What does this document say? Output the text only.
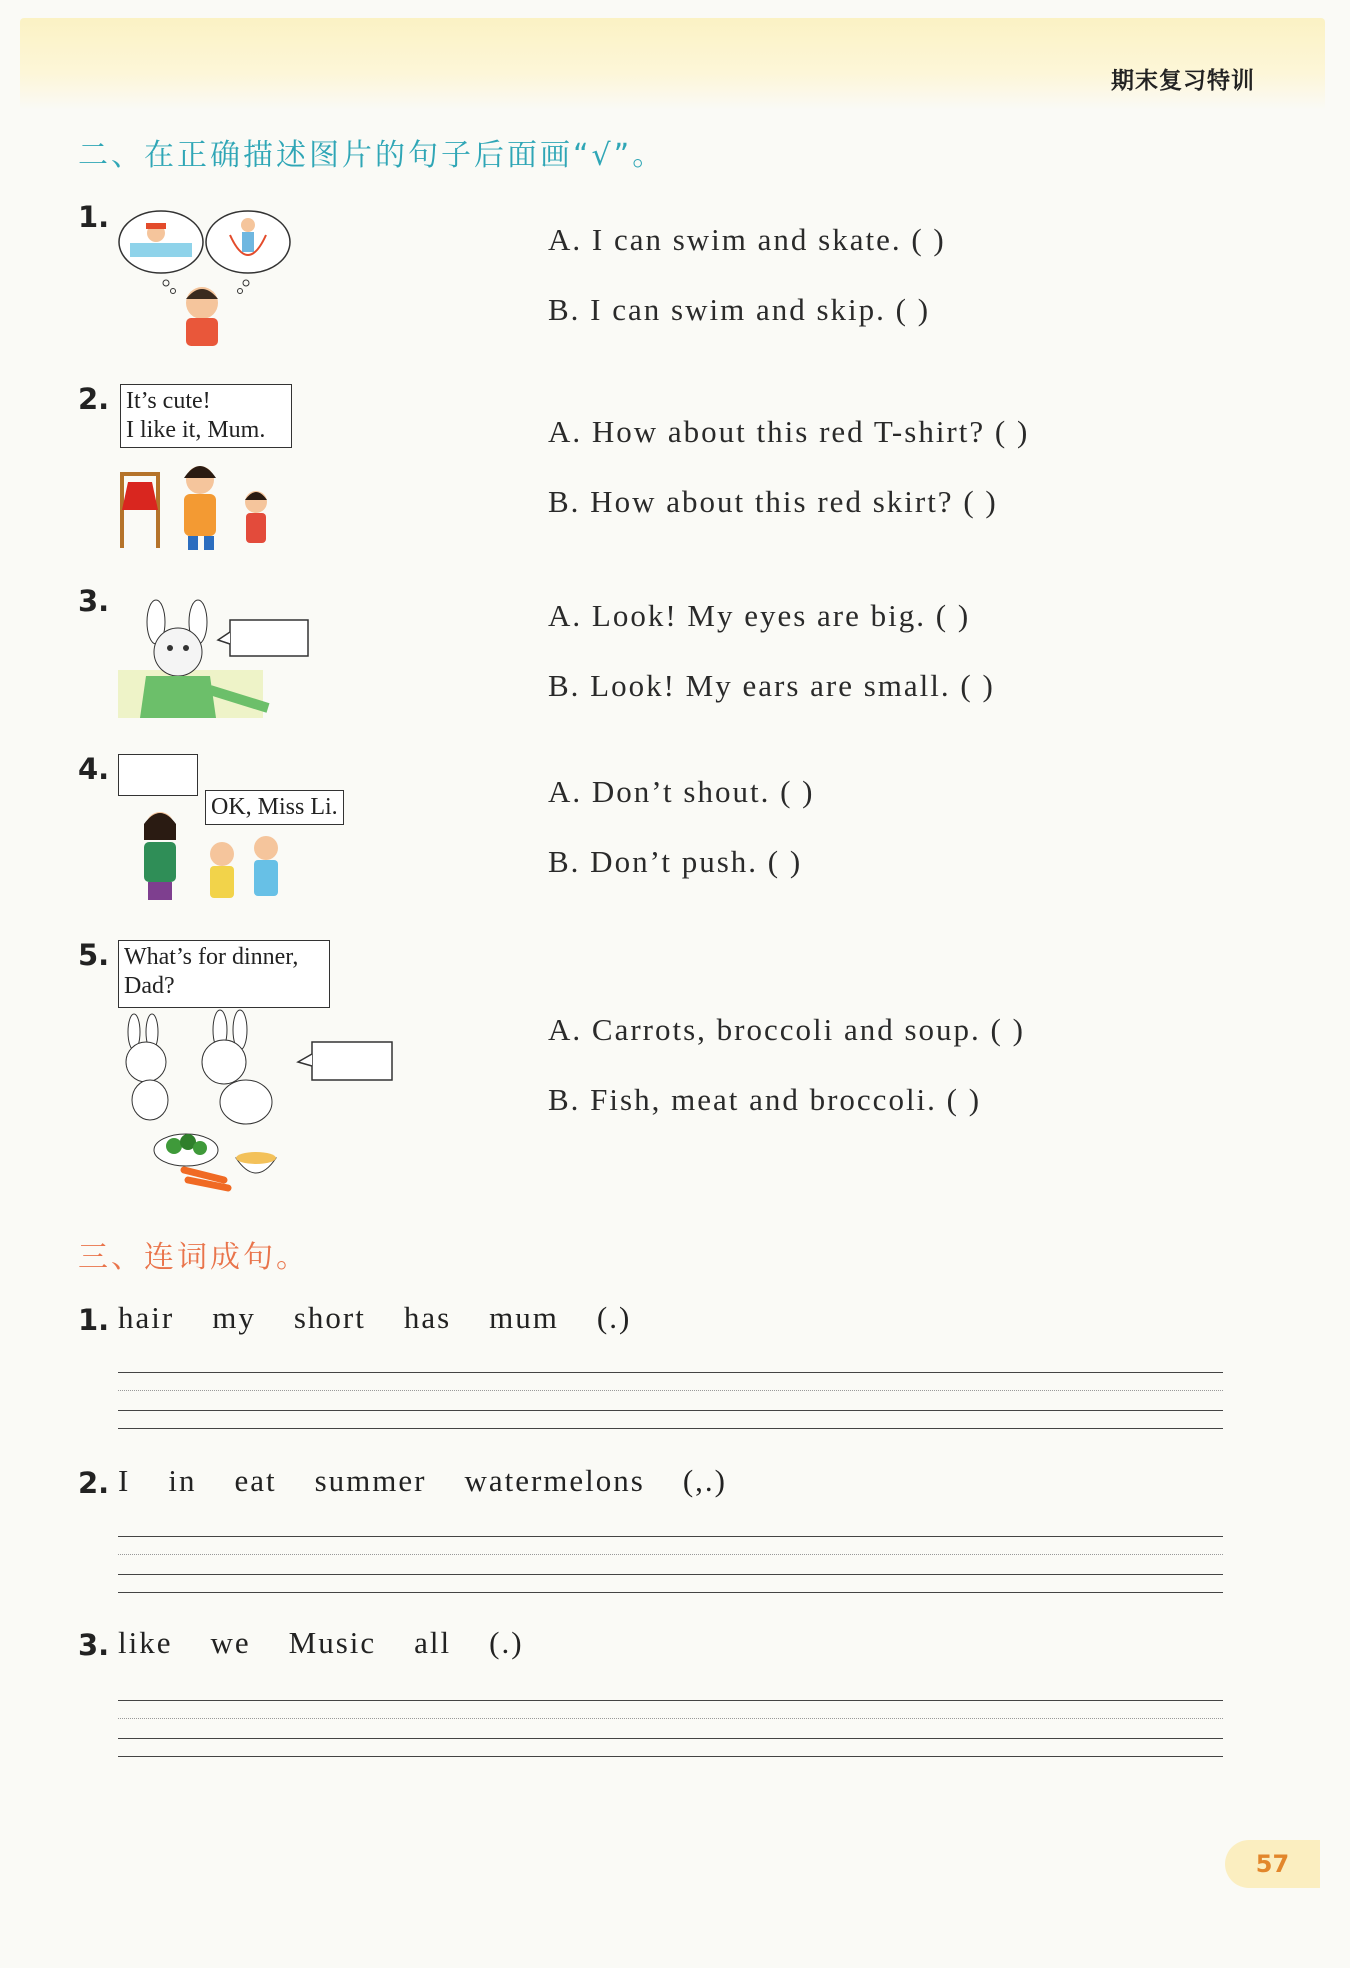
期末复习特训
二、在正确描述图片的句子后面画“√”。
1.
A. I can swim and skate. ( )
B. I can swim and skip. ( )
2. It’s cute!
I like it, Mum.	A. How about this red T-shirt? ( )
B. How about this red skirt? ( )
3.	A. Look! My eyes are big. ( )
B. Look! My ears are small. ( )
4.
OK, Miss Li.	A. Don’t shout. ( )
B. Don’t push. ( )
5. What’s for dinner,
Dad?
A. Carrots, broccoli and soup. ( )
B. Fish, meat and broccoli. ( )
三、连词成句。
1. hair my short has mum (.)
2. I in eat summer watermelons (,.)
3. like we Music all (.)
57
